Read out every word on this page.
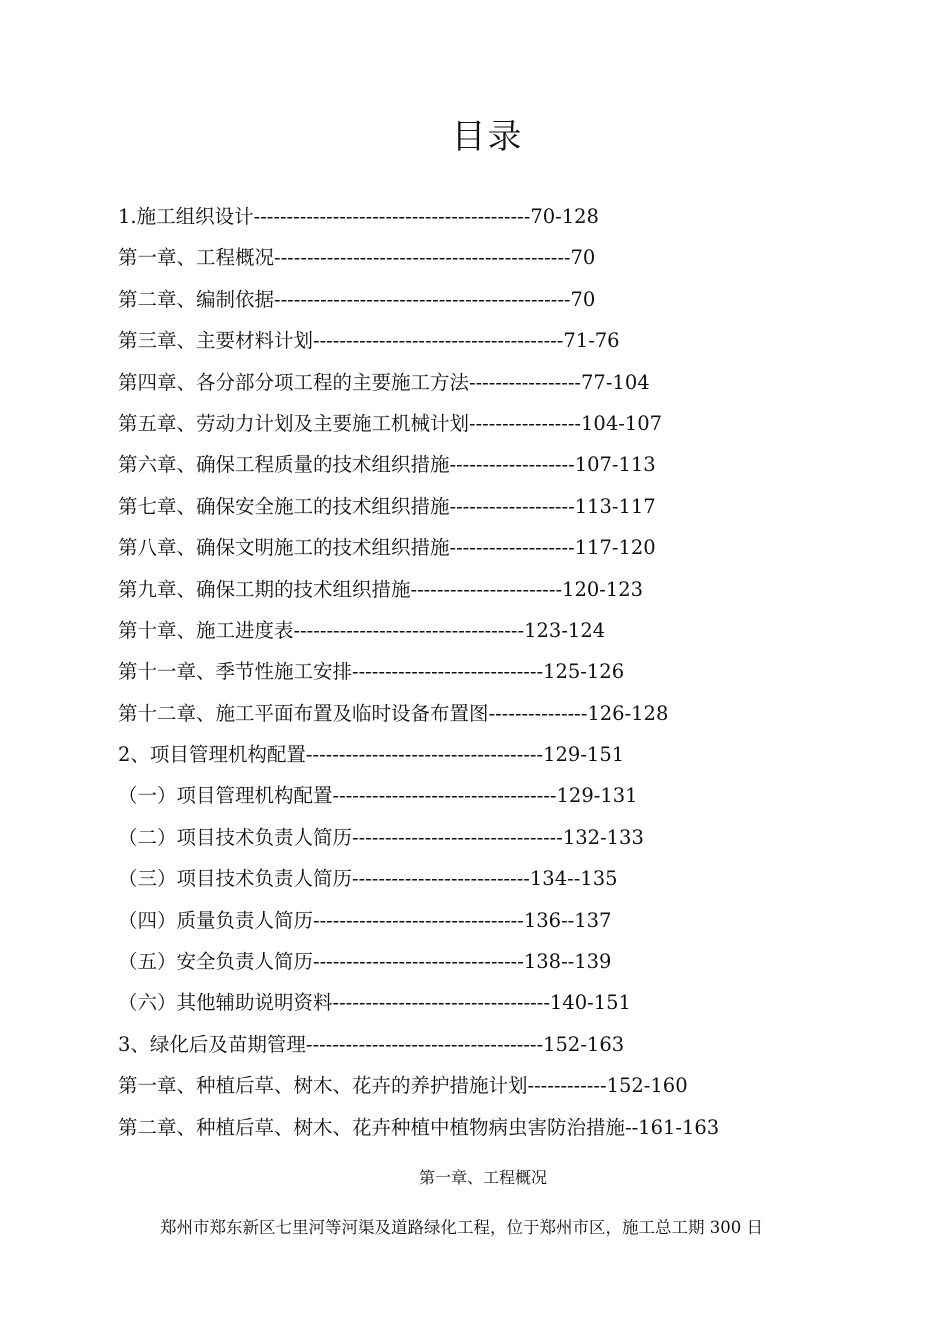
目录
1.施工组织设计------------------------------------------70-128
第一章、工程概况---------------------------------------------70
第二章、编制依据---------------------------------------------70
第三章、主要材料计划--------------------------------------71-76
第四章、各分部分项工程的主要施工方法-----------------77-104
第五章、劳动力计划及主要施工机械计划-----------------104-107
第六章、确保工程质量的技术组织措施-------------------107-113
第七章、确保安全施工的技术组织措施-------------------113-117
第八章、确保文明施工的技术组织措施-------------------117-120
第九章、确保工期的技术组织措施-----------------------120-123
第十章、施工进度表-----------------------------------123-124
第十一章、季节性施工安排-----------------------------125-126
第十二章、施工平面布置及临时设备布置图---------------126-128
2、项目管理机构配置------------------------------------129-151
（一）项目管理机构配置----------------------------------129-131
（二）项目技术负责人简历--------------------------------132-133
（三）项目技术负责人简历---------------------------134--135
（四）质量负责人简历--------------------------------136--137
（五）安全负责人简历--------------------------------138--139
（六）其他辅助说明资料---------------------------------140-151
3、绿化后及苗期管理------------------------------------152-163
第一章、种植后草、树木、花卉的养护措施计划------------152-160
第二章、种植后草、树木、花卉种植中植物病虫害防治措施--161-163
第一章、工程概况
郑州市郑东新区七里河等河渠及道路绿化工程，位于郑州市区，施工总工期 300 日
